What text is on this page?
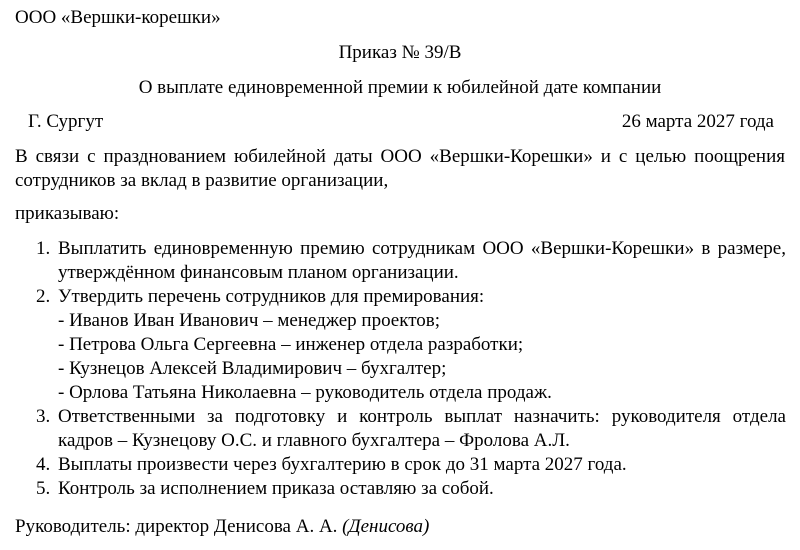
ООО «Вершки-корешки»
Приказ № 39/В
О выплате единовременной премии к юбилейной дате компании
Г. Сургут	26 марта 2027 года
В связи с празднованием юбилейной даты ООО «Вершки-Корешки» и с целью поощрения сотрудников за вклад в развитие организации,
приказываю:
1. Выплатить единовременную премию сотрудникам ООО «Вершки-Корешки» в размере, утверждённом финансовым планом организации.
2. Утвердить перечень сотрудников для премирования:
- Иванов Иван Иванович – менеджер проектов;
- Петрова Ольга Сергеевна – инженер отдела разработки;
- Кузнецов Алексей Владимирович – бухгалтер;
- Орлова Татьяна Николаевна – руководитель отдела продаж.
3. Ответственными за подготовку и контроль выплат назначить: руководителя отдела кадров – Кузнецову О.С. и главного бухгалтера – Фролова А.Л.
4. Выплаты произвести через бухгалтерию в срок до 31 марта 2027 года.
5. Контроль за исполнением приказа оставляю за собой.
Руководитель: директор Денисова А. А. (Денисова)
